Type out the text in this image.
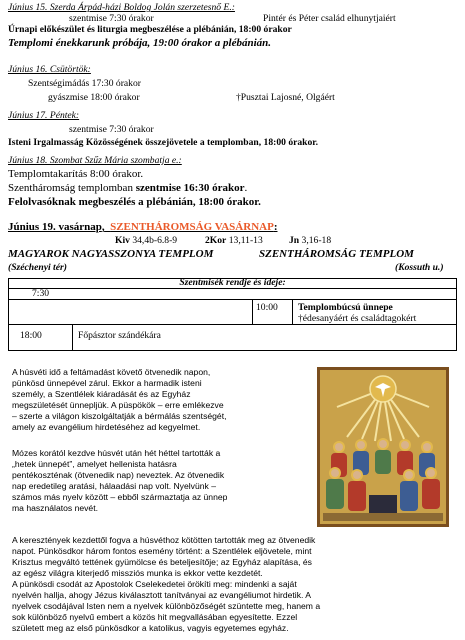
Június 15. Szerda Árpád-házi Boldog Jolán szerzetesnő E.:
szentmise 7:30 órakor	Pintér és Péter család elhunytjaiért
Úrnapi előkészület és liturgia megbeszélése a plébánián, 18:00 órakor
Templomi énekkarunk próbája, 19:00 órakor a plébánián.
Június 16. Csütörtök:
Szentségimádás 17:30 órakor
gyászmise 18:00 órakor	†Pusztai Lajosné, Olgáért
Június 17. Péntek:
szentmise 7:30 órakor
Isteni Irgalmasság Közösségének összejövetele a templomban, 18:00 órakor.
Június 18. Szombat Szűz Mária szombatja e.:
Templomtakarítás 8:00 órakor.
Szentháromság templomban szentmise 16:30 órakor.
Felolvasóknak megbeszélés a plébánián, 18:00 órakor.
Június 19. vasárnap, SZENTHÁROMSÁG VASÁRNAP:
Kiv 34,4b-6.8-9	2Kor 13,11-13	Jn 3,16-18
MAGYAROK NAGYASSZONYA TEMPLOM	SZENTHÁROMSÁG TEMPLOM
(Széchenyi tér)	(Kossuth u.)
Szentmisék rendje és ideje:
7:30
10:00 Templombúcsú ünnepe
†édesanyáért és családtagokért
18:00	Főpásztor szándékára
A húsvéti idő a feltámadást követő ötvenedik napon,
pünkösd ünnepével zárul. Ekkor a harmadik isteni
személy, a Szentlélek kiáradását és az Egyház
megszületését ünnepljük. A püspökök – erre emlékezve
– szerte a világon kiszolgáltatják a bérmálás szentségét,
amely az evangélium hirdetéséhez ad kegyelmet.
Mózes korától kezdve húsvét után hét héttel tartották a
„hetek ünnepét”, amelyet hellenista hatásra
pentékoszténak (ötvenedik nap) neveztek. Az ötvenedik
nap eredetileg aratási, hálaadási nap volt. Nyelvünk –
számos más nyelv között – ebből származtatja az ünnep
ma használatos nevét.
A keresztények kezdettől fogva a húsvéthoz kötötten tartották meg az ötvenedik
napot. Pünkösdkor három fontos esemény történt: a Szentlélek eljövetele, mint
Krisztus megváltó tettének gyümölcse és beteljesítője; az Egyház alapítása, és
az egész világra kiterjedő missziós munka is ekkor vette kezdetét.
A pünkösdi csodát az Apostolok Cselekedetei örökíti meg: mindenki a saját
nyelvén hallja, ahogy Jézus kiválasztott tanítványai az evangéliumot hirdetik. A
nyelvek csodájával Isten nem a nyelvek különbözőségét szüntette meg, hanem a
sok különböző nyelvű embert a közös hit megvallásában egyesítette. Ezzel
született meg az első pünkösdkor a katolikus, vagyis egyetemes egyház.
